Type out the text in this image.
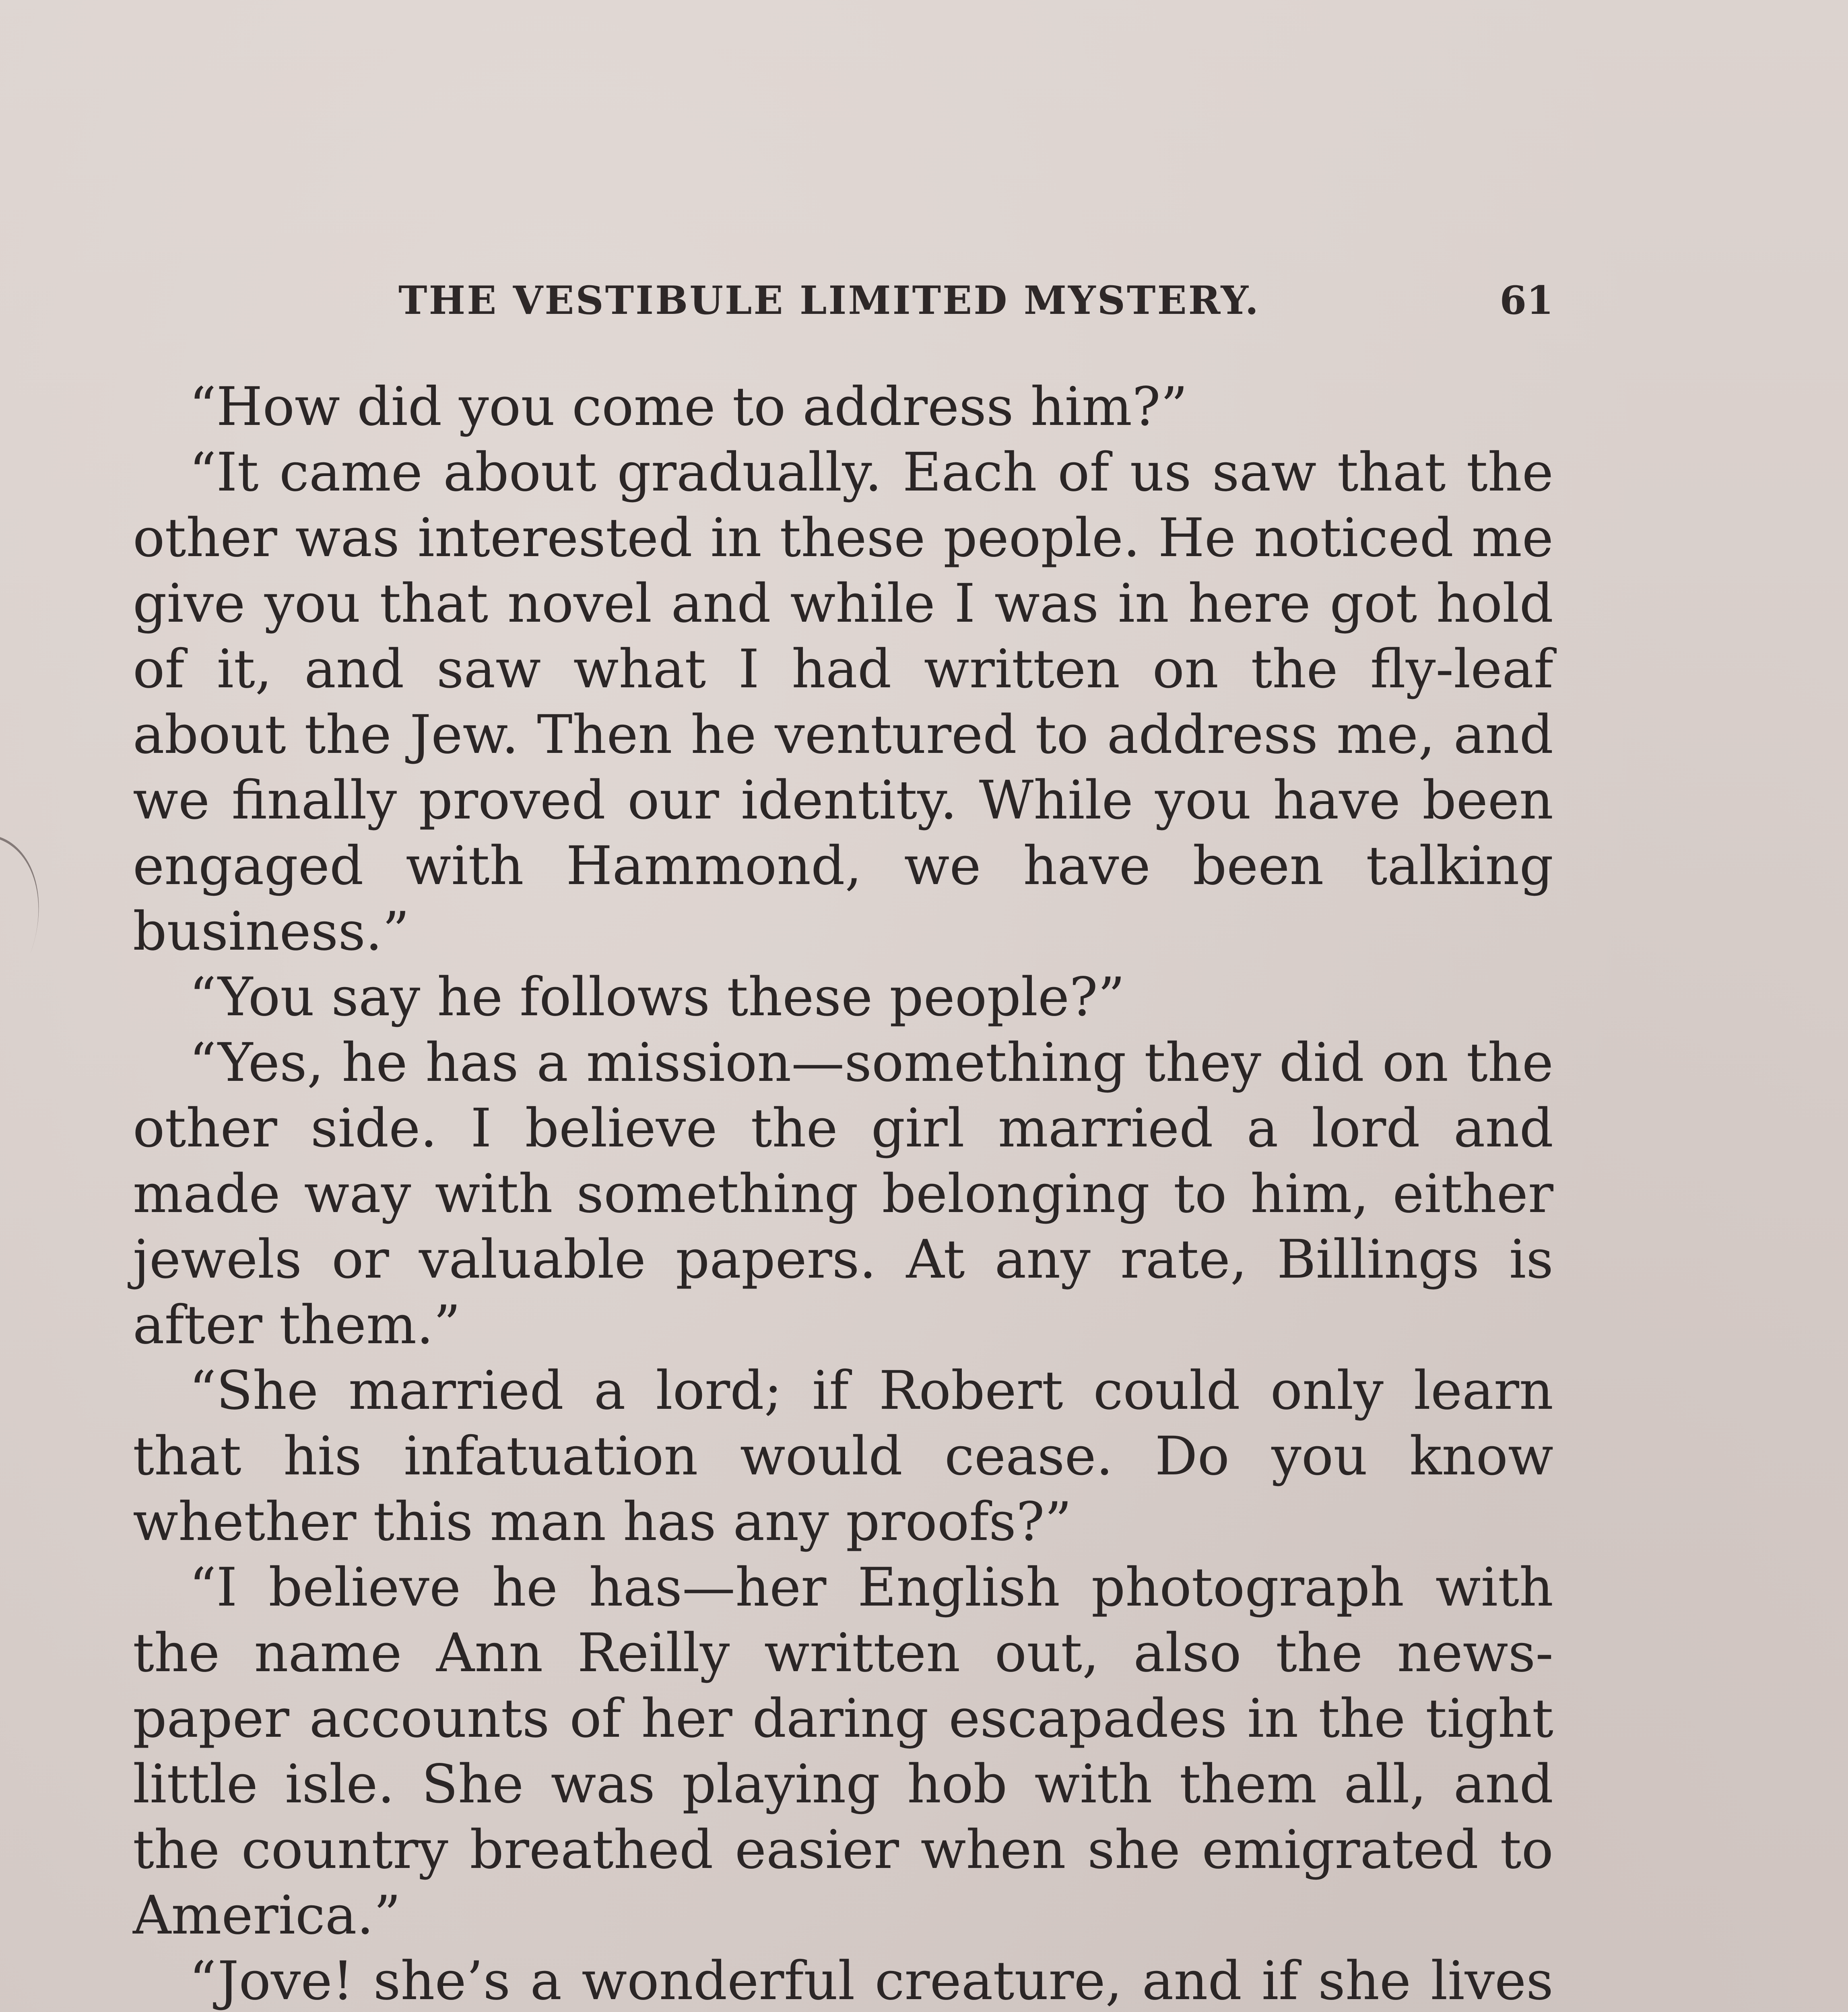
THE VESTIBULE LIMITED MYSTERY.	61

“How did you come to address him?”

“It came about gradually. Each of us saw that the other was interested in these people. He noticed me give you that novel and while I was in here got hold of it, and saw what I had written on the fly-leaf about the Jew. Then he ventured to address me, and we finally proved our identity. While you have been engaged with Hammond, we have been talking business.”

“You say he follows these people?”

“Yes, he has a mission—something they did on the other side. I believe the girl married a lord and made way with something belonging to him, either jewels or valuable papers. At any rate, Billings is after them.”

“She married a lord; if Robert could only learn that his infatuation would cease. Do you know whether this man has any proofs?”

“I believe he has—her English photograph with the name Ann Reilly written out, also the news-paper accounts of her daring escapades in the tight little isle. She was playing hob with them all, and the country breathed easier when she emigrated to America.”

“Jove! she’s a wonderful creature, and if she lives
